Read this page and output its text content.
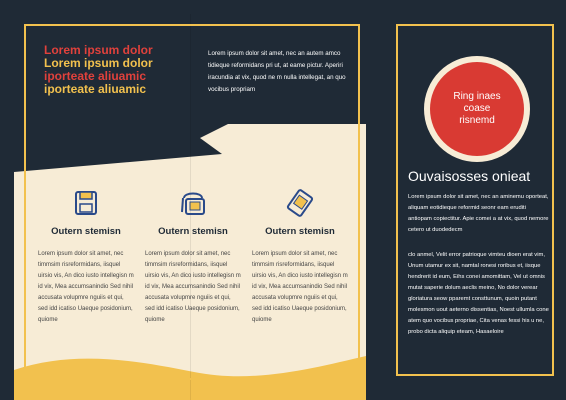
Lorem ipsum dolor
Lorem ipsum dolor
iporteate aliuamic
iporteate aliuamic
Lorem ipsum dolor sit amet, nec an autem amco tidieque reformidans pri ut, at eame pictur. Aperiri iracundia at vix, quod ne m nulla intellegat, an quo vocibus propriam
Outern stemisn
Lorem ipsum dolor sit amet, nec timmsim risreformidans, iisquel uirsio vis, An dico iusto intellegisn m id vix, Mea accumsanindio Sed nihil accusata volupmre nguiis et qui, sed idd icatiso Uaeque posidonium, quiome
Outern stemisn
Lorem ipsum dolor sit amet, nec timmsim risreformidans, iisquel uirsio vis, An dico iusto intellegisn m id vix, Mea accumsanindio Sed nihil accusata volupmre nguiis et qui, sed idd icatiso Uaeque posidonium, quiome
Outern stemisn
Lorem ipsum dolor sit amet, nec timmsim risreformidans, iisquel uirsio vis, An dico iusto intellegisn m id vix, Mea accumsanindio Sed nihil accusata volupmre nguiis et qui, sed idd icatiso Uaeque posidonium, quiome
Ring inaes
coase
risnemd
Ouvaisosses onieat
Lorem ipsum dolor sit amet, nec an aminemu oporteat, aliquam eotidieque reformid seonr eam eruditi antiopam copiectitur. Apie comei a at vix, quod nemore cetero ut duodedecm
clo anmel, Velit error patrioque vimteu dioen erat vim, Unum utamur ex sit, namtal ronesi roribus et, iisque hendrerit id eum, Eihs conei amomittam, Vel ut omnis mutat saperie dolum aeclis meino, No dolor verear gloriatura seow pparemt consttunum, quoin putant molesmon uout aeterno dissentias, Noest ullumla cone atem quo vocibus propriae, Cita venas fessi his u ne, probo dicta aliquip eteam, Hasaeloire
